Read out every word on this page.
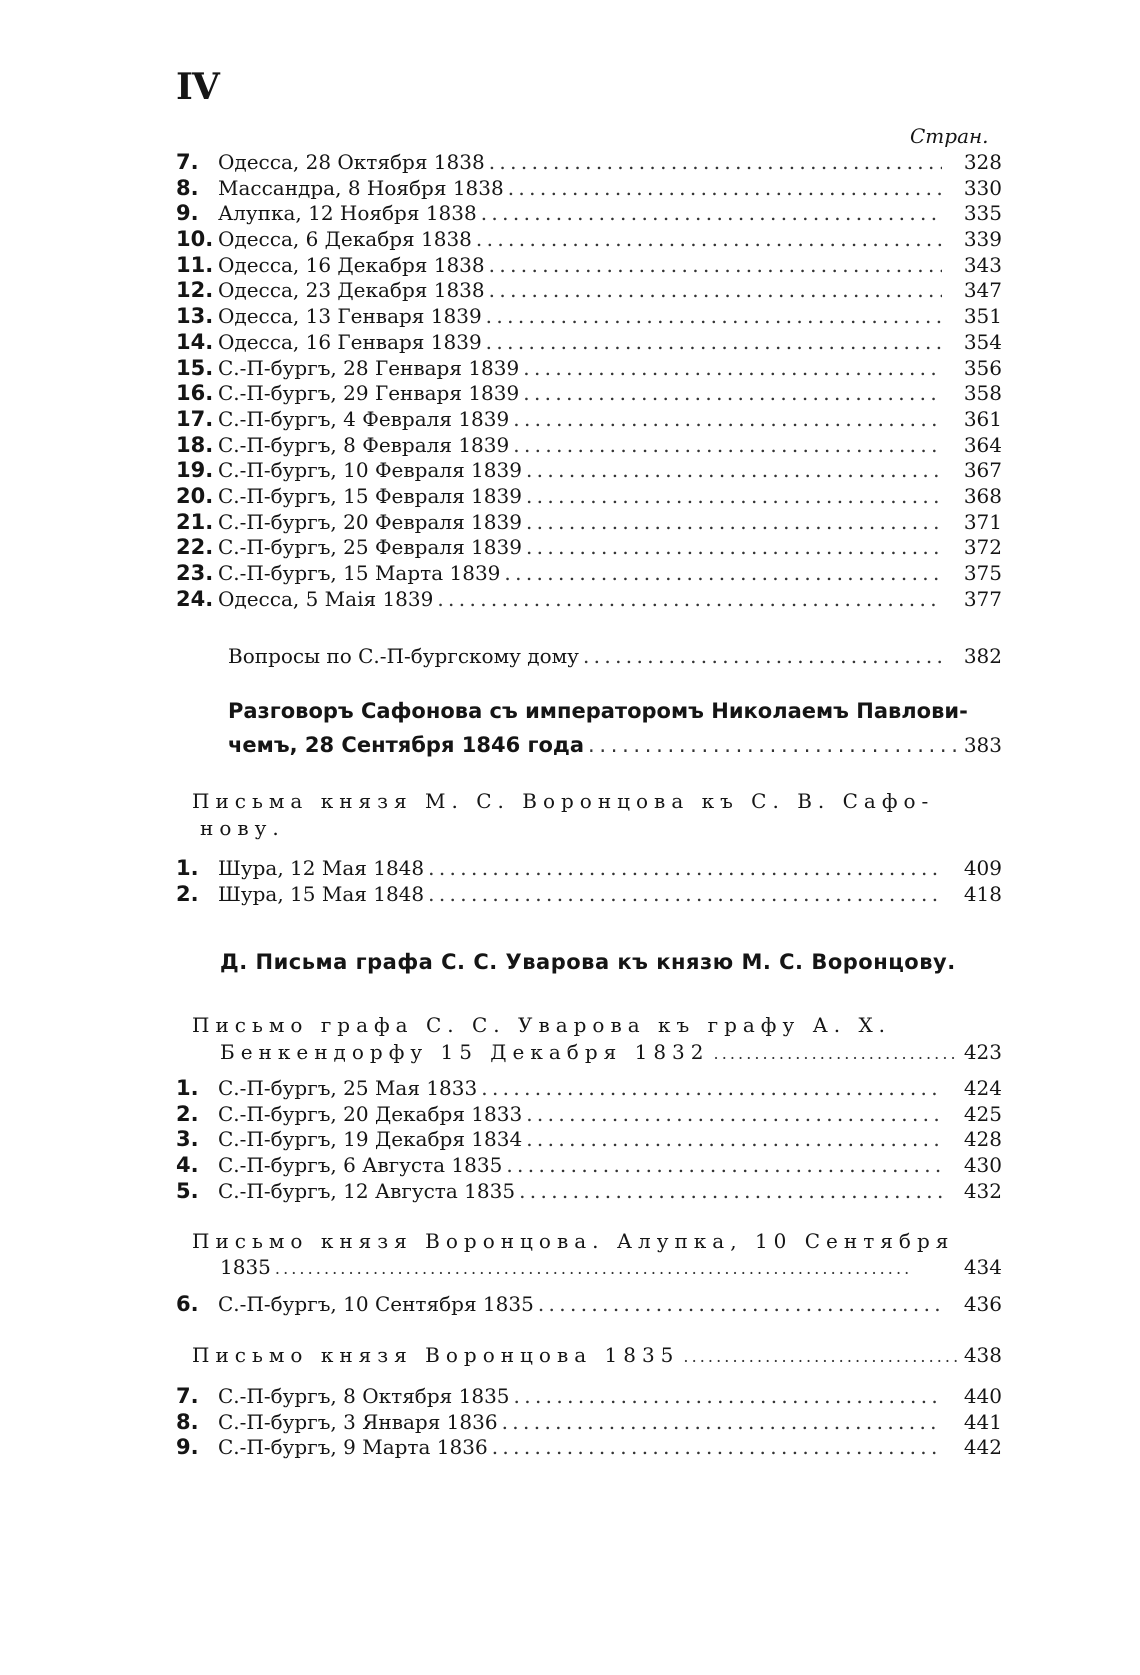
IV
Стран.
7. Одесса, 28 Октября 1838 . . .	328
8. Массандра, 8 Ноября 1838 . . .	330
9. Алупка, 12 Ноября 1838 . . .	335
10. Одесса, 6 Декабря 1838 . . .	339
11. Одесса, 16 Декабря 1838 . . .	343
12. Одесса, 23 Декабря 1838 . . .	347
13. Одесса, 13 Генваря 1839 . . .	351
14. Одесса, 16 Генваря 1839 . . .	354
15. С.-П-бургъ, 28 Генваря 1839 . . .	356
16. С.-П-бургъ, 29 Генваря 1839 . . .	358
17. С.-П-бургъ, 4 Февраля 1839 . . .	361
18. С.-П-бургъ, 8 Февраля 1839 . . .	364
19. С.-П-бургъ, 10 Февраля 1839 . . .	367
20. С.-П-бургъ, 15 Февраля 1839 . . .	368
21. С.-П-бургъ, 20 Февраля 1839 . . .	371
22. С.-П-бургъ, 25 Февраля 1839 . . .	372
23. С.-П-бургъ, 15 Марта 1839 . . .	375
24. Одесса, 5 Маія 1839 . . .	377
Вопросы по С.-П-бургскому дому . . .	382
Разговоръ Сафонова съ императоромъ Николаемъ Павлови-
чемъ, 28 Сентября 1846 года . . .	383
Письма князя М. С. Воронцова къ С. В. Сафо-
нову.
1. Шура, 12 Мая 1848 . . .	409
2. Шура, 15 Мая 1848 . . .	418
Д. Письма графа С. С. Уварова къ князю М. С. Воронцову.
Письмо графа С. С. Уварова къ графу А. X.
Бенкендорфу 15 Декабря 1832 . . .	423
1. С.-П-бургъ, 25 Мая 1833 . . .	424
2. С.-П-бургъ, 20 Декабря 1833 . . .	425
3. С.-П-бургъ, 19 Декабря 1834 . . .	428
4. С.-П-бургъ, 6 Августа 1835 . . .	430
5. С.-П-бургъ, 12 Августа 1835 . . .	432
Письмо князя Воронцова. Алупка, 10 Сентября
1835 . . .	434
6. С.-П-бургъ, 10 Сентября 1835 . . .	436
Письмо князя Воронцова 1835 . . .	438
7. С.-П-бургъ, 8 Октября 1835 . . .	440
8. С.-П-бургъ, 3 Января 1836 . . .	441
9. С.-П-бургъ, 9 Марта 1836 . . .	442
